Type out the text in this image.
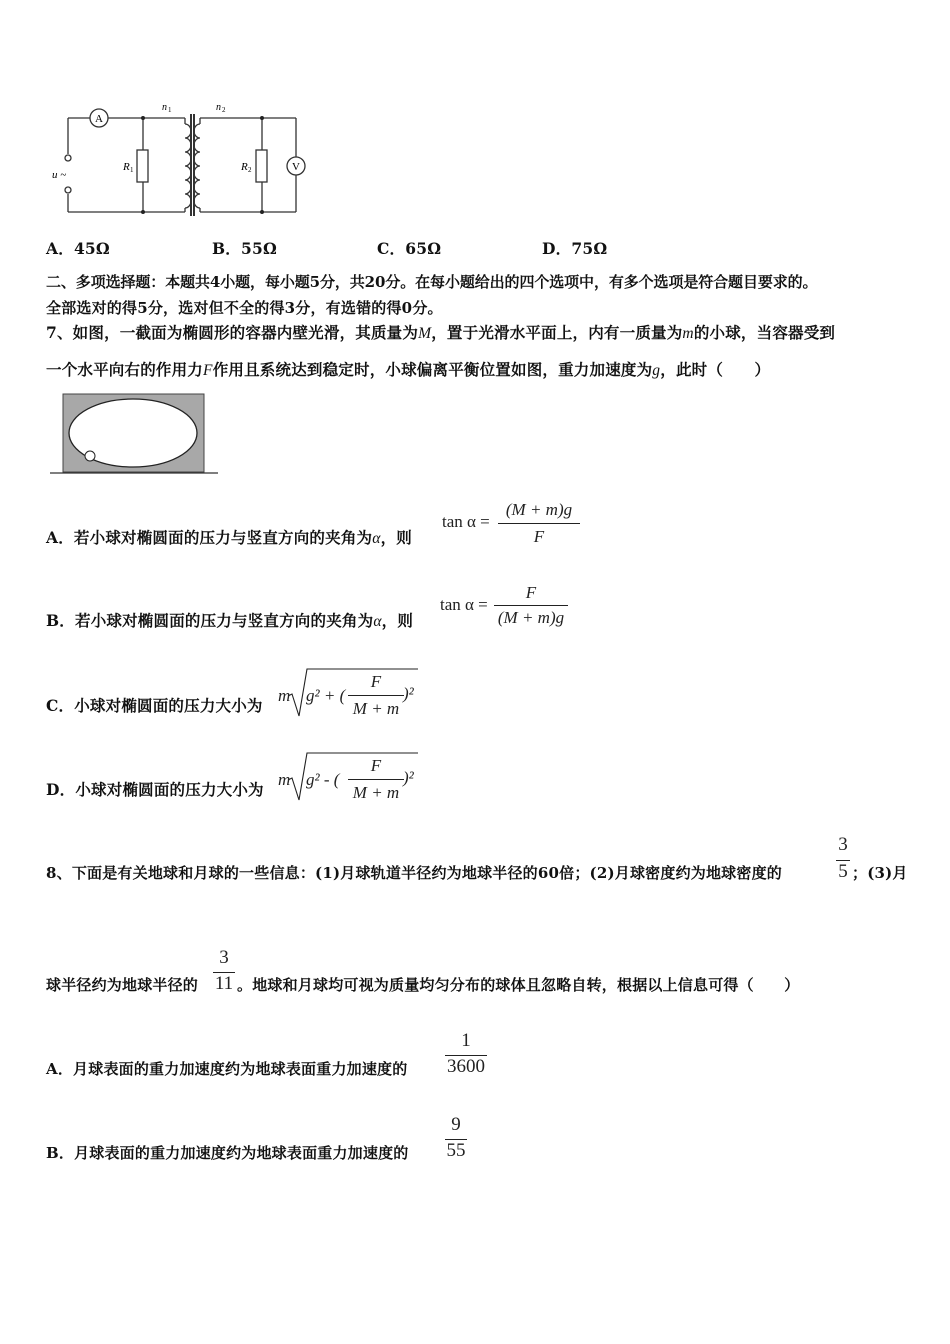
A
V
n 1	n 2
R 1	R 2
u ~
A．45Ω	B．55Ω	C．65Ω	D．75Ω
二、多项选择题：本题共4小题，每小题5分，共20分。在每小题给出的四个选项中，有多个选项是符合题目要求的。
全部选对的得5分，选对但不全的得3分，有选错的得0分。
7、如图，一截面为椭圆形的容器内壁光滑，其质量为M，置于光滑水平面上，内有一质量为m的小球，当容器受到
一个水平向右的作用力F作用且系统达到稳定时，小球偏离平衡位置如图，重力加速度为g，此时（　　）
A．若小球对椭圆面的压力与竖直方向的夹角为α，则
tan α =
(M + m)g
F
B．若小球对椭圆面的压力与竖直方向的夹角为α，则
tan α =
F
(M + m)g
C．小球对椭圆面的压力大小为
m g² + (
F
M + m
)²
D．小球对椭圆面的压力大小为
m g² - (
F
M + m
)²
8、下面是有关地球和月球的一些信息：(1)月球轨道半径约为地球半径的60倍；(2)月球密度约为地球密度的
3
5 ；(3)月
球半径约为地球半径的
3
11 。地球和月球均可视为质量均匀分布的球体且忽略自转，根据以上信息可得（　　）
A．月球表面的重力加速度约为地球表面重力加速度的
1
3600
B．月球表面的重力加速度约为地球表面重力加速度的
9
55
